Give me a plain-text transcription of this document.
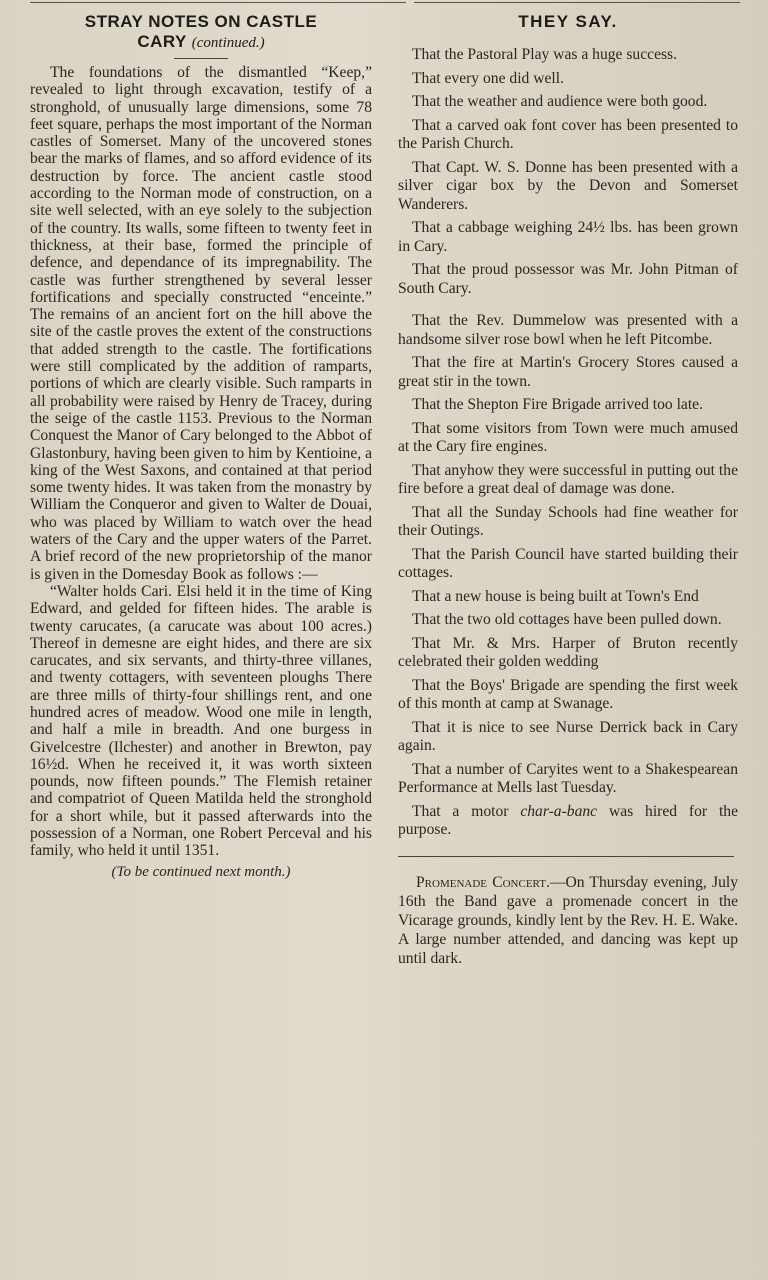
STRAY NOTES ON CASTLE
CARY (continued.)

The foundations of the dismantled “Keep,” revealed to light through excavation, testify of a stronghold, of unusually large dimensions, some 78 feet square, perhaps the most important of the Norman castles of Somerset. Many of the uncovered stones bear the marks of flames, and so afford evidence of its destruction by force. The ancient castle stood according to the Norman mode of construction, on a site well selected, with an eye solely to the subjection of the country. Its walls, some fifteen to twenty feet in thickness, at their base, formed the principle of defence, and dependance of its impregnability. The castle was further strengthened by several lesser fortifications and specially constructed “enceinte.” The remains of an ancient fort on the hill above the site of the castle proves the extent of the constructions that added strength to the castle. The fortifications were still complicated by the addition of ramparts, portions of which are clearly visible. Such ramparts in all probability were raised by Henry de Tracey, during the seige of the castle 1153. Previous to the Norman Conquest the Manor of Cary belonged to the Abbot of Glastonbury, having been given to him by Kentioine, a king of the West Saxons, and contained at that period some twenty hides. It was taken from the monastry by William the Conqueror and given to Walter de Douai, who was placed by William to watch over the head waters of the Cary and the upper waters of the Parret. A brief record of the new proprietorship of the manor is given in the Domesday Book as follows :—

“Walter holds Cari. Elsi held it in the time of King Edward, and gelded for fifteen hides. The arable is twenty carucates, (a carucate was about 100 acres.) Thereof in demesne are eight hides, and there are six carucates, and six servants, and thirty-three villanes, and twenty cottagers, with seventeen ploughs There are three mills of thirty-four shillings rent, and one hundred acres of meadow. Wood one mile in length, and half a mile in breadth. And one burgess in Givelcestre (Ilchester) and another in Brewton, pay 16½d. When he received it, it was worth sixteen pounds, now fifteen pounds.” The Flemish retainer and compatriot of Queen Matilda held the stronghold for a short while, but it passed afterwards into the possession of a Norman, one Robert Perceval and his family, who held it until 1351.

(To be continued next month.)
THEY SAY.
That the Pastoral Play was a huge success.
That every one did well.
That the weather and audience were both good.
That a carved oak font cover has been presented to the Parish Church.
That Capt. W. S. Donne has been presented with a silver cigar box by the Devon and Somerset Wanderers.
That a cabbage weighing 24½ lbs. has been grown in Cary.
That the proud possessor was Mr. John Pitman of South Cary.
That the Rev. Dummelow was presented with a handsome silver rose bowl when he left Pitcombe.
That the fire at Martin's Grocery Stores caused a great stir in the town.
That the Shepton Fire Brigade arrived too late.
That some visitors from Town were much amused at the Cary fire engines.
That anyhow they were successful in putting out the fire before a great deal of damage was done.
That all the Sunday Schools had fine weather for their Outings.
That the Parish Council have started building their cottages.
That a new house is being built at Town's End
That the two old cottages have been pulled down.
That Mr. & Mrs. Harper of Bruton recently celebrated their golden wedding
That the Boys' Brigade are spending the first week of this month at camp at Swanage.
That it is nice to see Nurse Derrick back in Cary again.
That a number of Caryites went to a Shakespearean Performance at Mells last Tuesday.
That a motor char-a-banc was hired for the purpose.

Promenade Concert.—On Thursday evening, July 16th the Band gave a promenade concert in the Vicarage grounds, kindly lent by the Rev. H. E. Wake. A large number attended, and dancing was kept up until dark.
